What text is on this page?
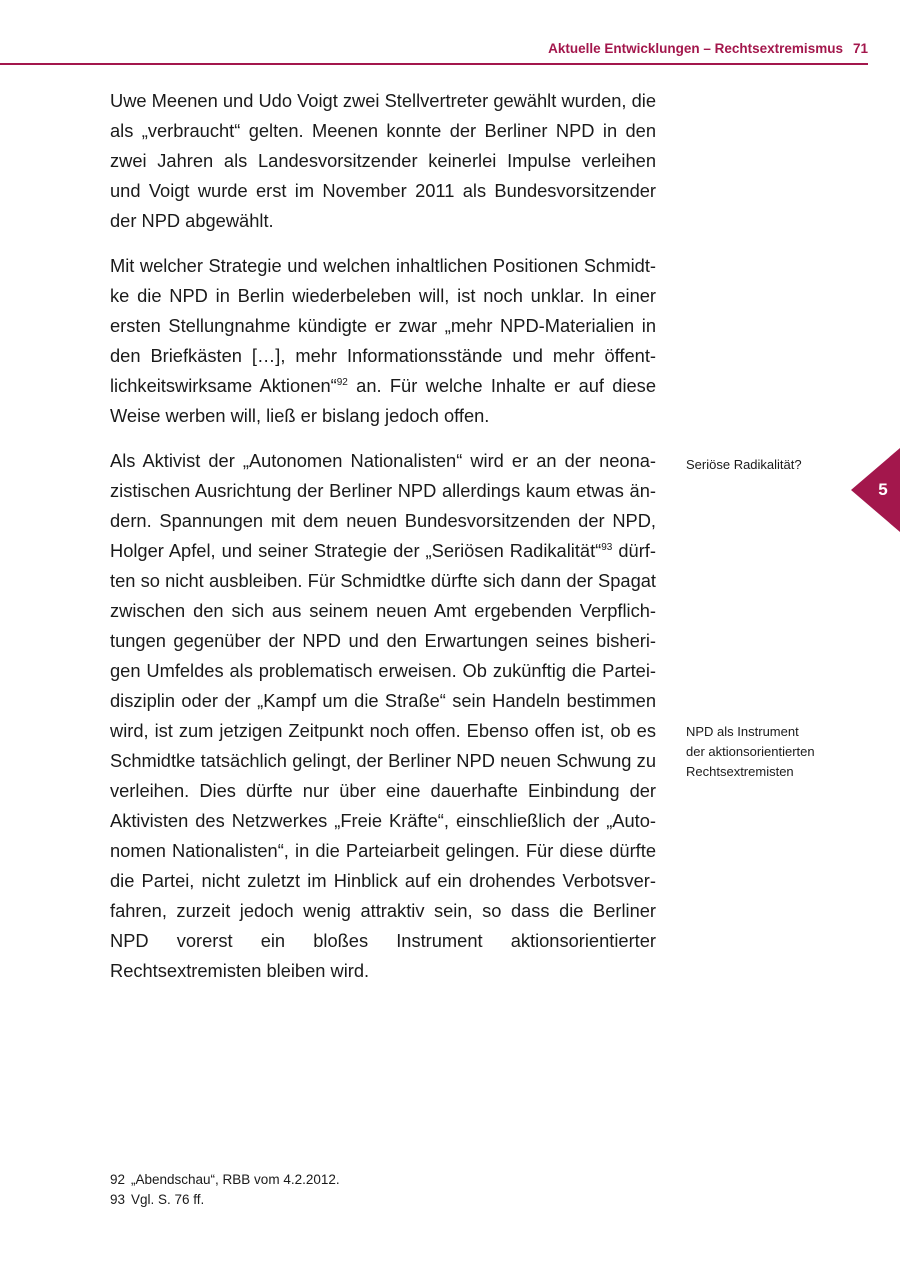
Aktuelle Entwicklungen – Rechtsextremismus 71

Uwe Meenen und Udo Voigt zwei Stellvertreter gewählt wurden, die als „verbraucht“ gelten. Meenen konnte der Berliner NPD in den zwei Jahren als Landesvorsitzender keinerlei Impulse verleihen und Voigt wurde erst im November 2011 als Bundesvorsitzender der NPD abgewählt.

Mit welcher Strategie und welchen inhaltlichen Positionen Schmidtke die NPD in Berlin wiederbeleben will, ist noch unklar. In einer ersten Stellungnahme kündigte er zwar „mehr NPD-Materialien in den Briefkästen […], mehr Informationsstände und mehr öffentlichkeitswirksame Aktionen“$^{92}$ an. Für welche Inhalte er auf diese Weise werben will, ließ er bislang jedoch offen.

Als Aktivist der „Autonomen Nationalisten“ wird er an der neonazistischen Ausrichtung der Berliner NPD allerdings kaum etwas ändern. Spannungen mit dem neuen Bundesvorsitzenden der NPD, Holger Apfel, und seiner Strategie der „Seriösen Radikalität“$^{93}$ dürften so nicht ausbleiben. Für Schmidtke dürfte sich dann der Spagat zwischen den sich aus seinem neuen Amt ergebenden Verpflichtungen gegenüber der NPD und den Erwartungen seines bisherigen Umfeldes als problematisch erweisen. Ob zukünftig die Parteidisziplin oder der „Kampf um die Straße“ sein Handeln bestimmen wird, ist zum jetzigen Zeitpunkt noch offen. Ebenso offen ist, ob es Schmidtke tatsächlich gelingt, der Berliner NPD neuen Schwung zu verleihen. Dies dürfte nur über eine dauerhafte Einbindung der Aktivisten des Netzwerkes „Freie Kräfte“, einschließlich der „Autonomen Nationalisten“, in die Parteiarbeit gelingen. Für diese dürfte die Partei, nicht zuletzt im Hinblick auf ein drohendes Verbotsverfahren, zurzeit jedoch wenig attraktiv sein, so dass die Berliner NPD vorerst ein bloßes Instrument aktionsorientierter Rechtsextremisten bleiben wird.

Seriöse Radikalität?
NPD als Instrument
der aktionsorientierten
Rechtsextremisten
5
92 „Abendschau“, RBB vom 4.2.2012.
93 Vgl. S. 76 ff.
